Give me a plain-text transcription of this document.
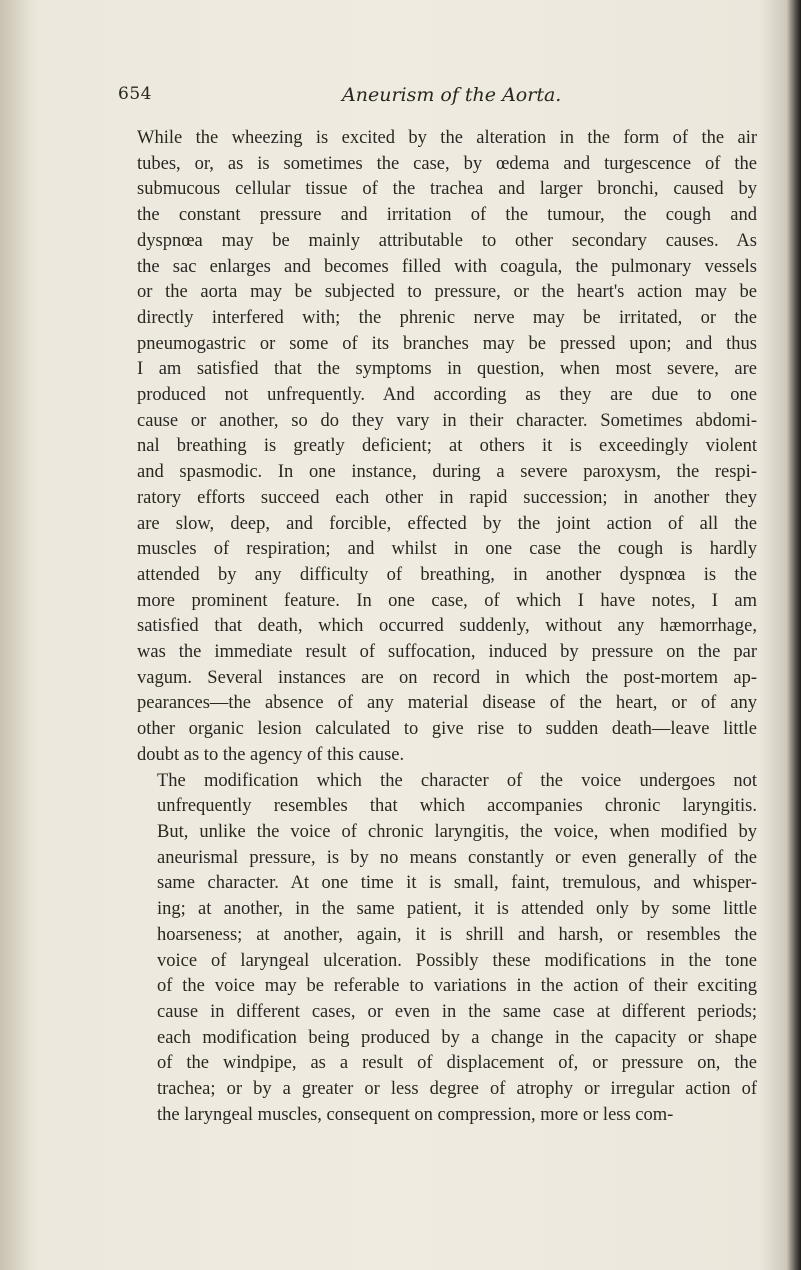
654	Aneurism of the Aorta.
While the wheezing is excited by the alteration in the form of the air
tubes, or, as is sometimes the case, by œdema and turgescence of the
submucous cellular tissue of the trachea and larger bronchi, caused by
the constant pressure and irritation of the tumour, the cough and
dyspnœa may be mainly attributable to other secondary causes. As
the sac enlarges and becomes filled with coagula, the pulmonary vessels
or the aorta may be subjected to pressure, or the heart's action may be
directly interfered with; the phrenic nerve may be irritated, or the
pneumogastric or some of its branches may be pressed upon; and thus
I am satisfied that the symptoms in question, when most severe, are
produced not unfrequently. And according as they are due to one
cause or another, so do they vary in their character. Sometimes abdomi-
nal breathing is greatly deficient; at others it is exceedingly violent
and spasmodic. In one instance, during a severe paroxysm, the respi-
ratory efforts succeed each other in rapid succession; in another they
are slow, deep, and forcible, effected by the joint action of all the
muscles of respiration; and whilst in one case the cough is hardly
attended by any difficulty of breathing, in another dyspnœa is the
more prominent feature. In one case, of which I have notes, I am
satisfied that death, which occurred suddenly, without any hæmorrhage,
was the immediate result of suffocation, induced by pressure on the par
vagum. Several instances are on record in which the post-mortem ap-
pearances—the absence of any material disease of the heart, or of any
other organic lesion calculated to give rise to sudden death—leave little
doubt as to the agency of this cause.
The modification which the character of the voice undergoes not
unfrequently resembles that which accompanies chronic laryngitis.
But, unlike the voice of chronic laryngitis, the voice, when modified by
aneurismal pressure, is by no means constantly or even generally of the
same character. At one time it is small, faint, tremulous, and whisper-
ing; at another, in the same patient, it is attended only by some little
hoarseness; at another, again, it is shrill and harsh, or resembles the
voice of laryngeal ulceration. Possibly these modifications in the tone
of the voice may be referable to variations in the action of their exciting
cause in different cases, or even in the same case at different periods;
each modification being produced by a change in the capacity or shape
of the windpipe, as a result of displacement of, or pressure on, the
trachea; or by a greater or less degree of atrophy or irregular action of
the laryngeal muscles, consequent on compression, more or less com-
